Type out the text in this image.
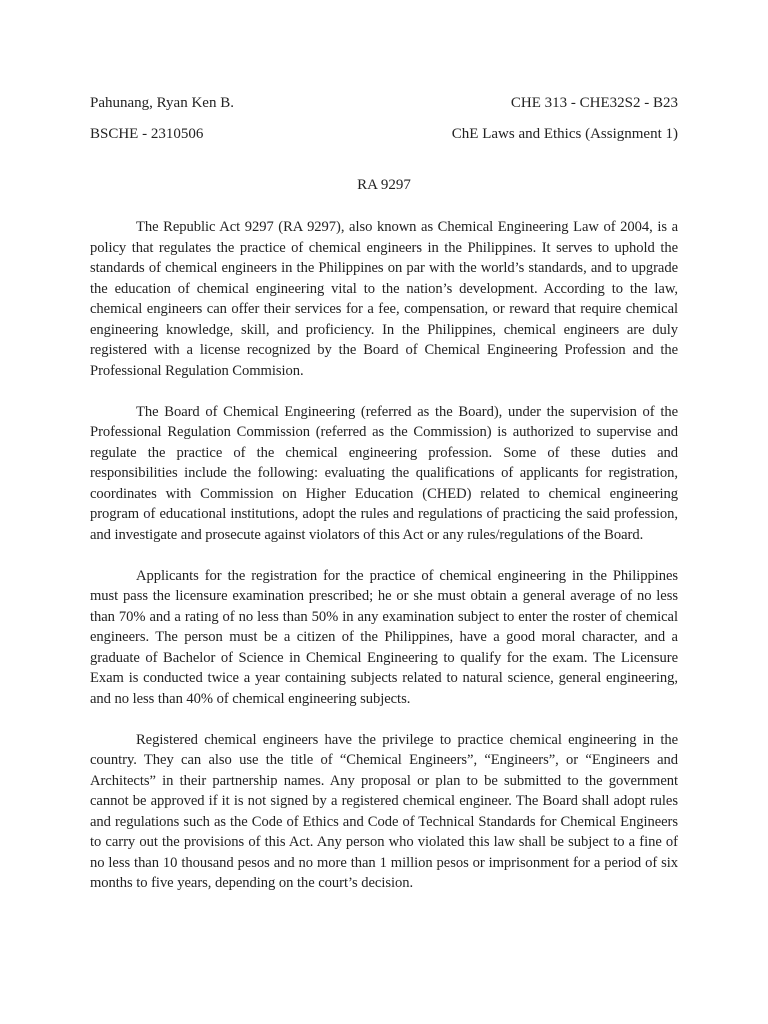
Pahunang, Ryan Ken B.	CHE 313 - CHE32S2 - B23
BSCHE - 2310506	ChE Laws and Ethics (Assignment 1)
RA 9297

The Republic Act 9297 (RA 9297), also known as Chemical Engineering Law of 2004, is a policy that regulates the practice of chemical engineers in the Philippines. It serves to uphold the standards of chemical engineers in the Philippines on par with the world’s standards, and to upgrade the education of chemical engineering vital to the nation’s development. According to the law, chemical engineers can offer their services for a fee, compensation, or reward that require chemical engineering knowledge, skill, and proficiency. In the Philippines, chemical engineers are duly registered with a license recognized by the Board of Chemical Engineering Profession and the Professional Regulation Commision.

The Board of Chemical Engineering (referred as the Board), under the supervision of the Professional Regulation Commission (referred as the Commission) is authorized to supervise and regulate the practice of the chemical engineering profession. Some of these duties and responsibilities include the following: evaluating the qualifications of applicants for registration, coordinates with Commission on Higher Education (CHED) related to chemical engineering program of educational institutions, adopt the rules and regulations of practicing the said profession, and investigate and prosecute against violators of this Act or any rules/regulations of the Board.

Applicants for the registration for the practice of chemical engineering in the Philippines must pass the licensure examination prescribed; he or she must obtain a general average of no less than 70% and a rating of no less than 50% in any examination subject to enter the roster of chemical engineers. The person must be a citizen of the Philippines, have a good moral character, and a graduate of Bachelor of Science in Chemical Engineering to qualify for the exam. The Licensure Exam is conducted twice a year containing subjects related to natural science, general engineering, and no less than 40% of chemical engineering subjects.

Registered chemical engineers have the privilege to practice chemical engineering in the country. They can also use the title of “Chemical Engineers”, “Engineers”, or “Engineers and Architects” in their partnership names. Any proposal or plan to be submitted to the government cannot be approved if it is not signed by a registered chemical engineer. The Board shall adopt rules and regulations such as the Code of Ethics and Code of Technical Standards for Chemical Engineers to carry out the provisions of this Act. Any person who violated this law shall be subject to a fine of no less than 10 thousand pesos and no more than 1 million pesos or imprisonment for a period of six months to five years, depending on the court’s decision.
